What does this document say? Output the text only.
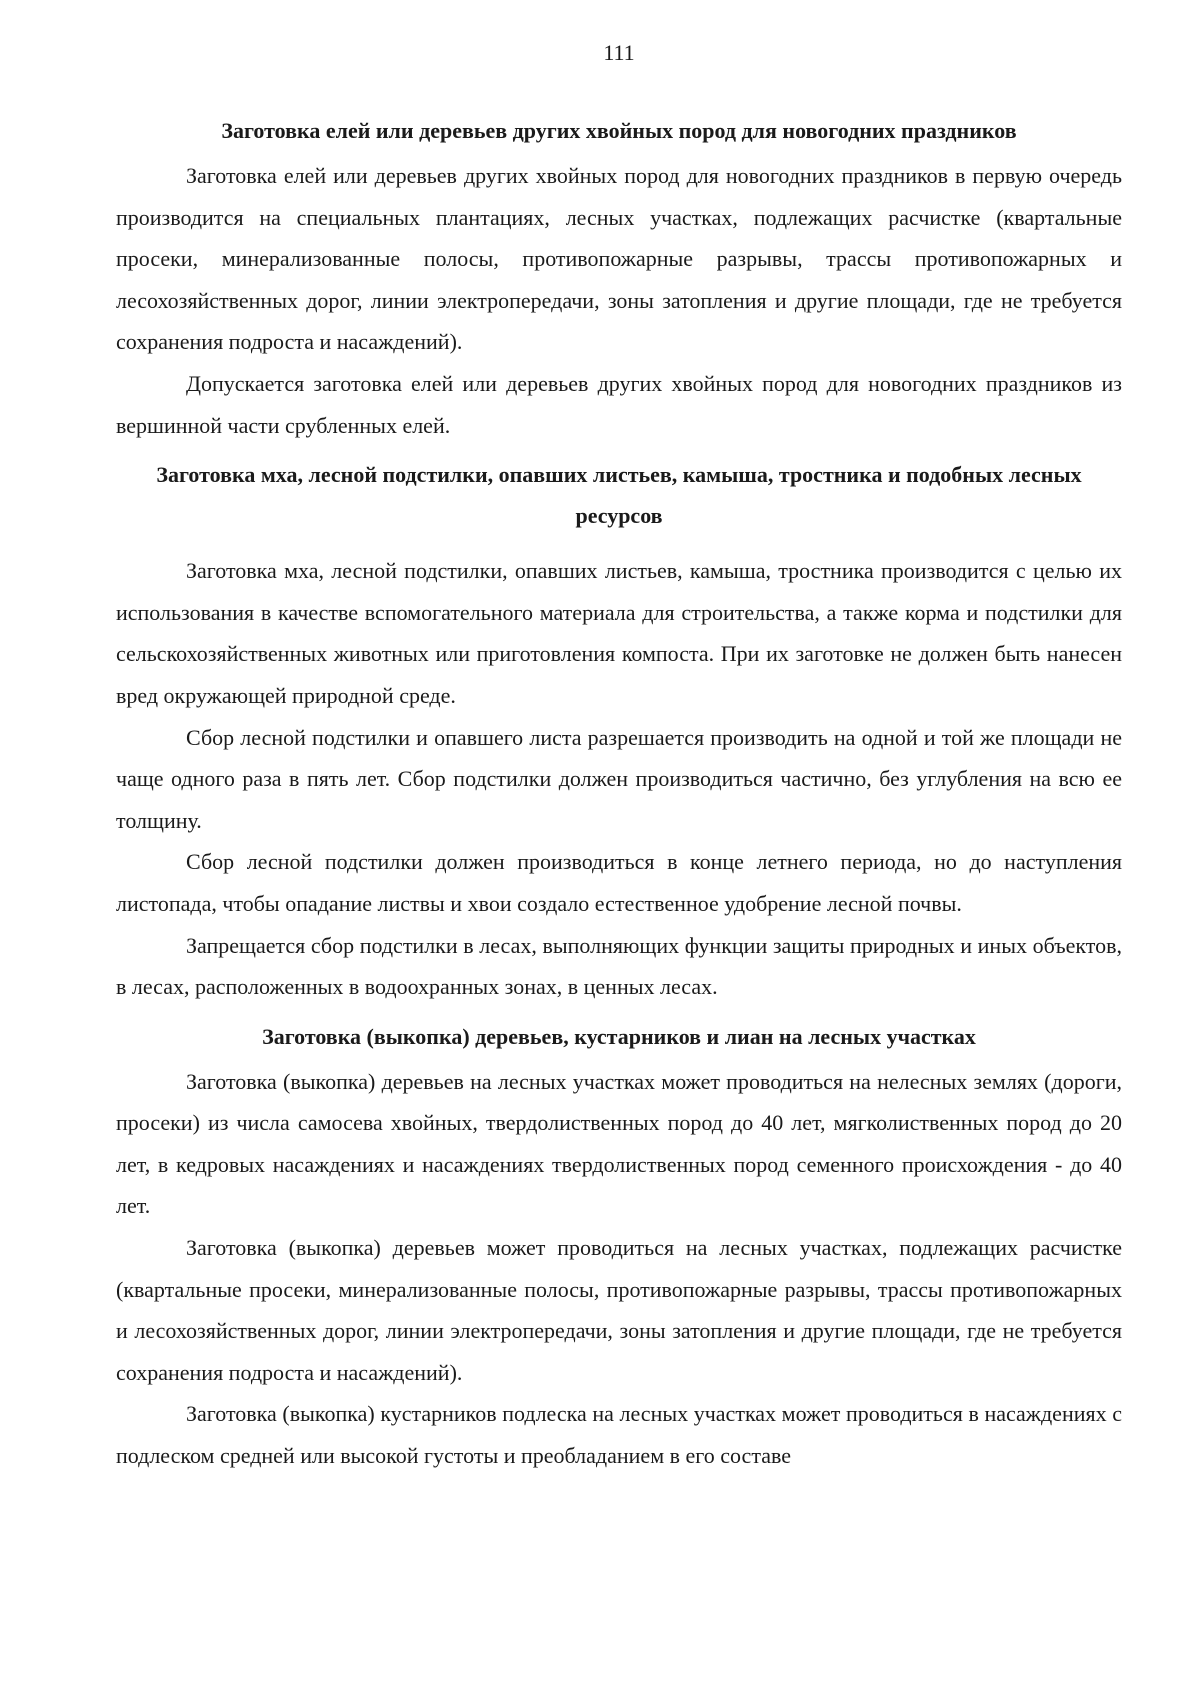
111

Заготовка елей или деревьев других хвойных пород для новогодних праздников

Заготовка елей или деревьев других хвойных пород для новогодних праздников в первую очередь производится на специальных плантациях, лесных участках, подлежащих расчистке (квартальные просеки, минерализованные полосы, противопожарные разрывы, трассы противопожарных и лесохозяйственных дорог, линии электропередачи, зоны затопления и другие площади, где не требуется сохранения подроста и насаждений).

Допускается заготовка елей или деревьев других хвойных пород для новогодних праздников из вершинной части срубленных елей.

Заготовка мха, лесной подстилки, опавших листьев, камыша, тростника и подобных лесных ресурсов

Заготовка мха, лесной подстилки, опавших листьев, камыша, тростника производится с целью их использования в качестве вспомогательного материала для строительства, а также корма и подстилки для сельскохозяйственных животных или приготовления компоста. При их заготовке не должен быть нанесен вред окружающей природной среде.

Сбор лесной подстилки и опавшего листа разрешается производить на одной и той же площади не чаще одного раза в пять лет. Сбор подстилки должен производиться частично, без углубления на всю ее толщину.

Сбор лесной подстилки должен производиться в конце летнего периода, но до наступления листопада, чтобы опадание листвы и хвои создало естественное удобрение лесной почвы.

Запрещается сбор подстилки в лесах, выполняющих функции защиты природных и иных объектов, в лесах, расположенных в водоохранных зонах, в ценных лесах.

Заготовка (выкопка) деревьев, кустарников и лиан на лесных участках

Заготовка (выкопка) деревьев на лесных участках может проводиться на нелесных землях (дороги, просеки) из числа самосева хвойных, твердолиственных пород до 40 лет, мягколиственных пород до 20 лет, в кедровых насаждениях и насаждениях твердолиственных пород семенного происхождения - до 40 лет.

Заготовка (выкопка) деревьев может проводиться на лесных участках, подлежащих расчистке (квартальные просеки, минерализованные полосы, противопожарные разрывы, трассы противопожарных и лесохозяйственных дорог, линии электропередачи, зоны затопления и другие площади, где не требуется сохранения подроста и насаждений).

Заготовка (выкопка) кустарников подлеска на лесных участках может проводиться в насаждениях с подлеском средней или высокой густоты и преобладанием в его составе
